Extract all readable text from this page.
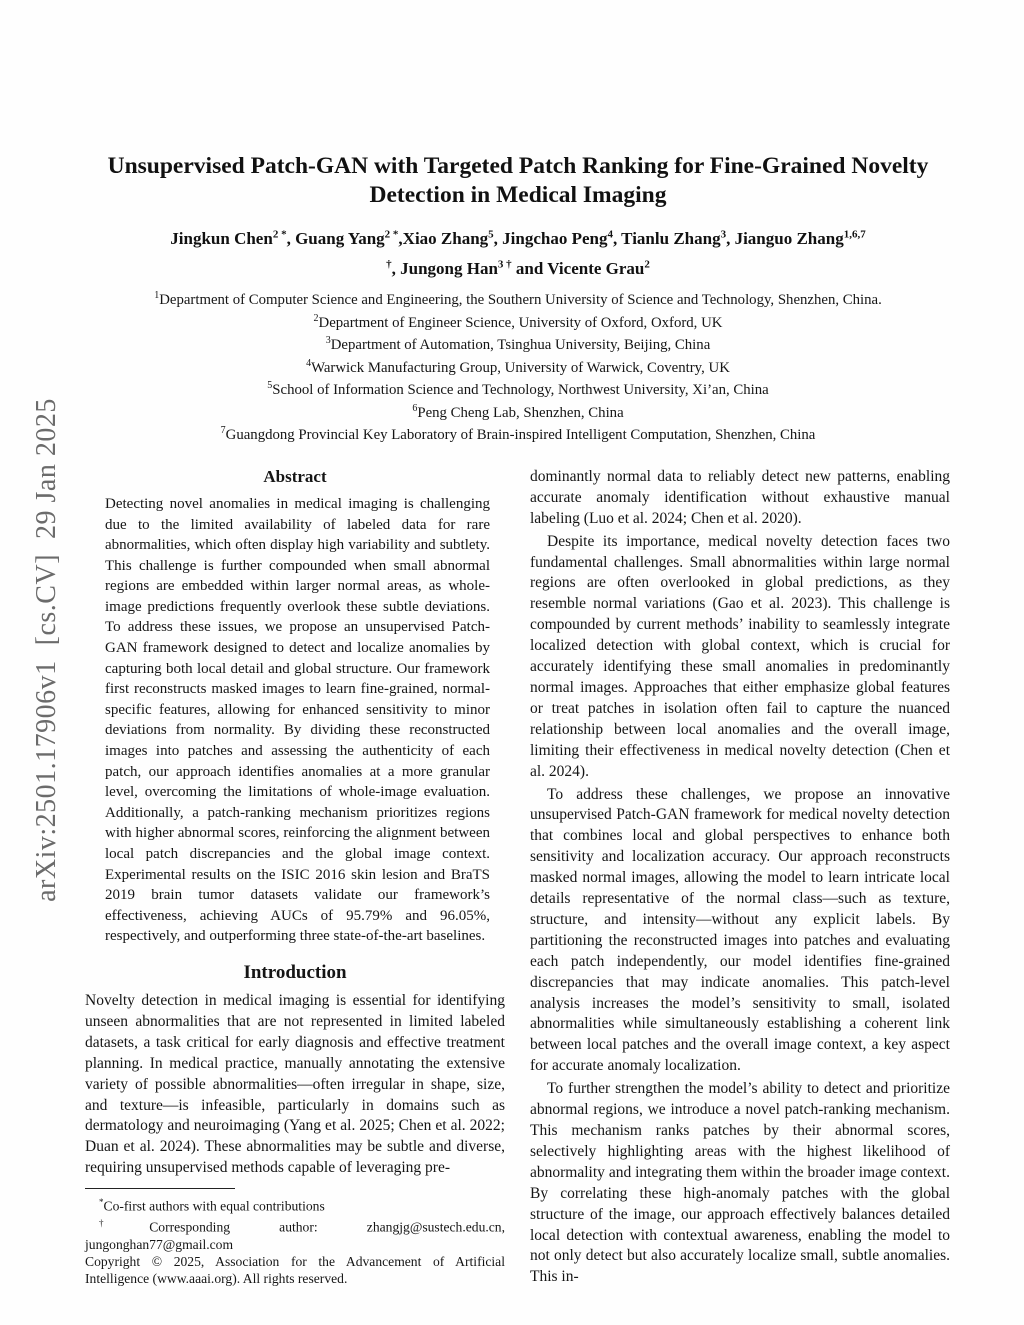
arXiv:2501.17906v1  [cs.CV]  29 Jan 2025
Unsupervised Patch-GAN with Targeted Patch Ranking for Fine-Grained Novelty
Detection in Medical Imaging
Jingkun Chen$^{2 *}$, Guang Yang$^{2 *}$,Xiao Zhang$^5$, Jingchao Peng$^4$, Tianlu Zhang$^3$, Jianguo Zhang$^{1,6,7}$
†, Jungong Han$^{3 \dagger}$ and Vicente Grau$^2$
$^1$Department of Computer Science and Engineering, the Southern University of Science and Technology, Shenzhen, China.
$^2$Department of Engineer Science, University of Oxford, Oxford, UK
$^3$Department of Automation, Tsinghua University, Beijing, China
$^4$Warwick Manufacturing Group, University of Warwick, Coventry, UK
$^5$School of Information Science and Technology, Northwest University, Xi’an, China
$^6$Peng Cheng Lab, Shenzhen, China
$^7$Guangdong Provincial Key Laboratory of Brain-inspired Intelligent Computation, Shenzhen, China
Abstract

Detecting novel anomalies in medical imaging is challenging due to the limited availability of labeled data for rare abnormalities, which often display high variability and subtlety. This challenge is further compounded when small abnormal regions are embedded within larger normal areas, as whole-image predictions frequently overlook these subtle deviations. To address these issues, we propose an unsupervised Patch-GAN framework designed to detect and localize anomalies by capturing both local detail and global structure. Our framework first reconstructs masked images to learn fine-grained, normal-specific features, allowing for enhanced sensitivity to minor deviations from normality. By dividing these reconstructed images into patches and assessing the authenticity of each patch, our approach identifies anomalies at a more granular level, overcoming the limitations of whole-image evaluation. Additionally, a patch-ranking mechanism prioritizes regions with higher abnormal scores, reinforcing the alignment between local patch discrepancies and the global image context. Experimental results on the ISIC 2016 skin lesion and BraTS 2019 brain tumor datasets validate our framework’s effectiveness, achieving AUCs of 95.79% and 96.05%, respectively, and outperforming three state-of-the-art baselines.

Introduction

Novelty detection in medical imaging is essential for identifying unseen abnormalities that are not represented in limited labeled datasets, a task critical for early diagnosis and effective treatment planning. In medical practice, manually annotating the extensive variety of possible abnormalities—often irregular in shape, size, and texture—is infeasible, particularly in domains such as dermatology and neuroimaging (Yang et al. 2025; Chen et al. 2022; Duan et al. 2024). These abnormalities may be subtle and diverse, requiring unsupervised methods capable of leveraging pre-

*Co-first authors with equal contributions

†Corresponding author: zhangjg@sustech.edu.cn, jungonghan77@gmail.com

Copyright © 2025, Association for the Advancement of Artificial Intelligence (www.aaai.org). All rights reserved.

dominantly normal data to reliably detect new patterns, enabling accurate anomaly identification without exhaustive manual labeling (Luo et al. 2024; Chen et al. 2020).

Despite its importance, medical novelty detection faces two fundamental challenges. Small abnormalities within large normal regions are often overlooked in global predictions, as they resemble normal variations (Gao et al. 2023). This challenge is compounded by current methods’ inability to seamlessly integrate localized detection with global context, which is crucial for accurately identifying these small anomalies in predominantly normal images. Approaches that either emphasize global features or treat patches in isolation often fail to capture the nuanced relationship between local anomalies and the overall image, limiting their effectiveness in medical novelty detection (Chen et al. 2024).

To address these challenges, we propose an innovative unsupervised Patch-GAN framework for medical novelty detection that combines local and global perspectives to enhance both sensitivity and localization accuracy. Our approach reconstructs masked normal images, allowing the model to learn intricate local details representative of the normal class—such as texture, structure, and intensity—without any explicit labels. By partitioning the reconstructed images into patches and evaluating each patch independently, our model identifies fine-grained discrepancies that may indicate anomalies. This patch-level analysis increases the model’s sensitivity to small, isolated abnormalities while simultaneously establishing a coherent link between local patches and the overall image context, a key aspect for accurate anomaly localization.

To further strengthen the model’s ability to detect and prioritize abnormal regions, we introduce a novel patch-ranking mechanism. This mechanism ranks patches by their abnormal scores, selectively highlighting areas with the highest likelihood of abnormality and integrating them within the broader image context. By correlating these high-anomaly patches with the global structure of the image, our approach effectively balances detailed local detection with contextual awareness, enabling the model to not only detect but also accurately localize small, subtle anomalies. This in-
